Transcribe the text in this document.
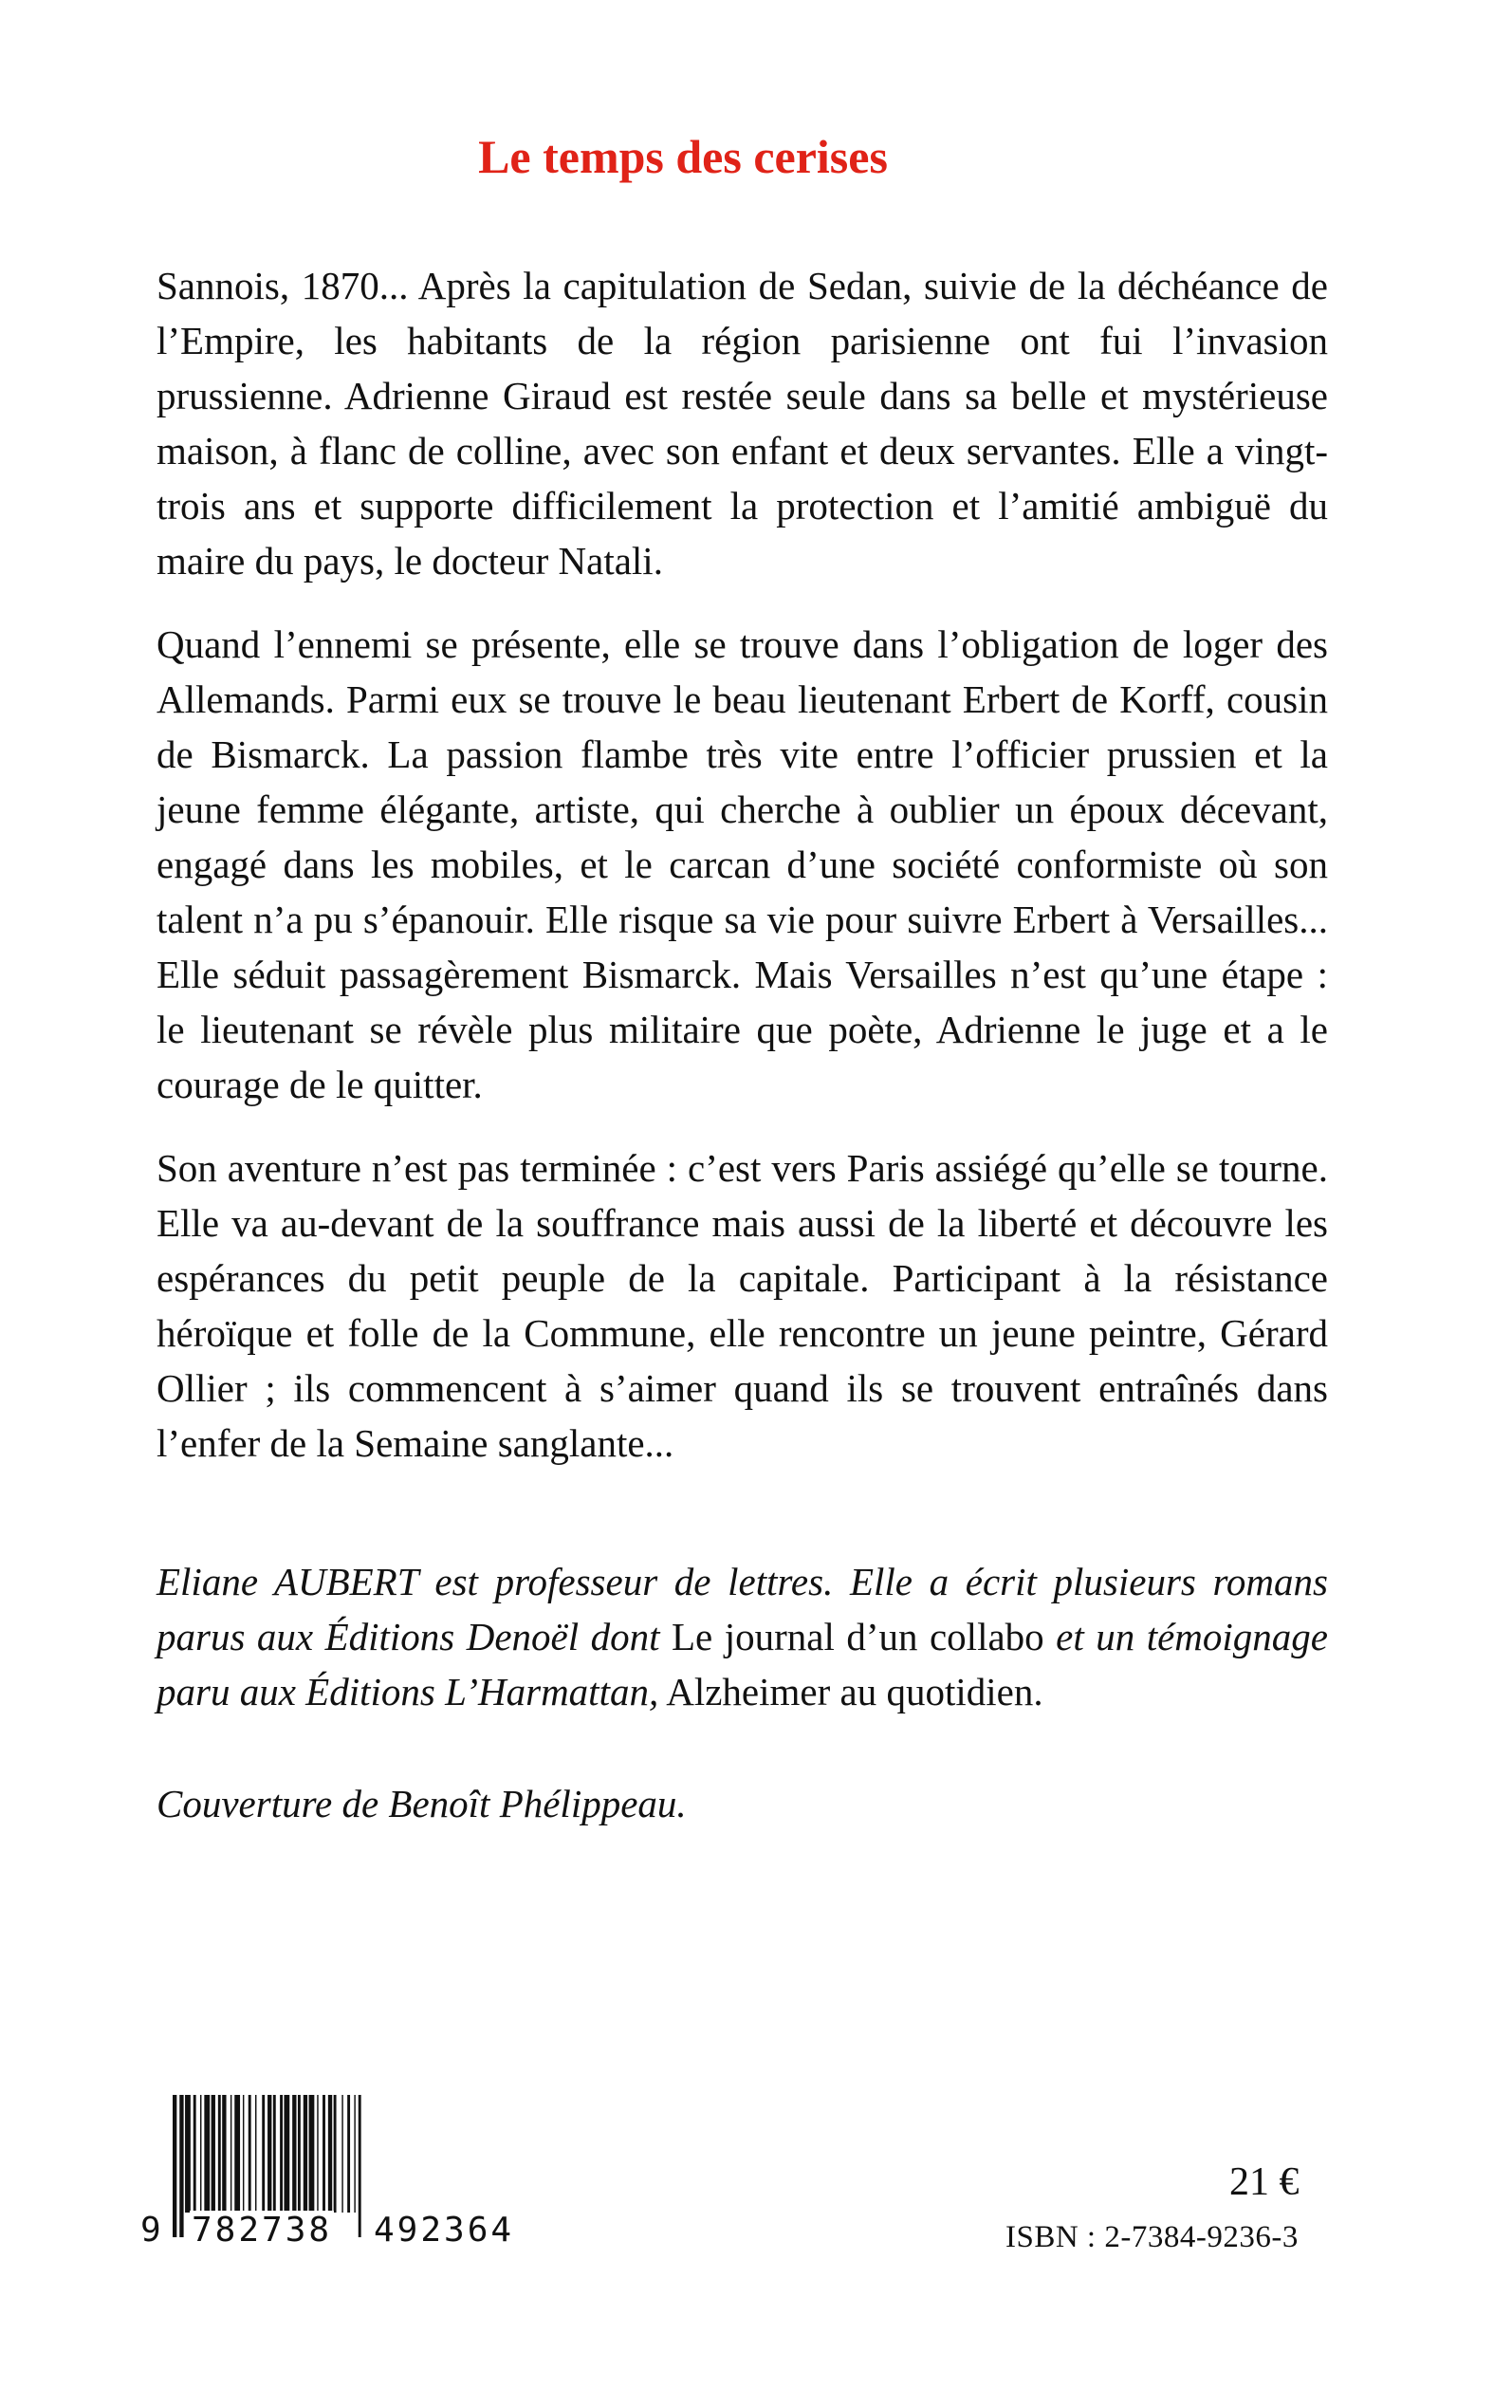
Le temps des cerises

Sannois, 1870... Après la capitulation de Sedan, suivie de la déchéance de l’Empire, les habitants de la région parisienne ont fui l’invasion prussienne. Adrienne Giraud est restée seule dans sa belle et mystérieuse maison, à flanc de colline, avec son enfant et deux servantes. Elle a vingt-trois ans et supporte difficilement la protection et l’amitié ambiguë du maire du pays, le docteur Natali.

Quand l’ennemi se présente, elle se trouve dans l’obligation de loger des Allemands. Parmi eux se trouve le beau lieutenant Erbert de Korff, cousin de Bismarck. La passion flambe très vite entre l’officier prussien et la jeune femme élégante, artiste, qui cherche à oublier un époux décevant, engagé dans les mobiles, et le carcan d’une société conformiste où son talent n’a pu s’épanouir. Elle risque sa vie pour suivre Erbert à Versailles... Elle séduit passagèrement Bismarck. Mais Versailles n’est qu’une étape : le lieutenant se révèle plus militaire que poète, Adrienne le juge et a le courage de le quitter.

Son aventure n’est pas terminée : c’est vers Paris assiégé qu’elle se tourne. Elle va au-devant de la souffrance mais aussi de la liberté et découvre les espérances du petit peuple de la capitale. Participant à la résistance héroïque et folle de la Commune, elle rencontre un jeune peintre, Gérard Ollier ; ils commencent à s’aimer quand ils se trouvent entraînés dans l’enfer de la Semaine sanglante...

Eliane AUBERT est professeur de lettres. Elle a écrit plusieurs romans parus aux Éditions Denoël dont Le journal d’un collabo et un témoignage paru aux Éditions L’Harmattan, Alzheimer au quotidien.

Couverture de Benoît Phélippeau.

9 782738 492364
21 €
ISBN : 2-7384-9236-3
